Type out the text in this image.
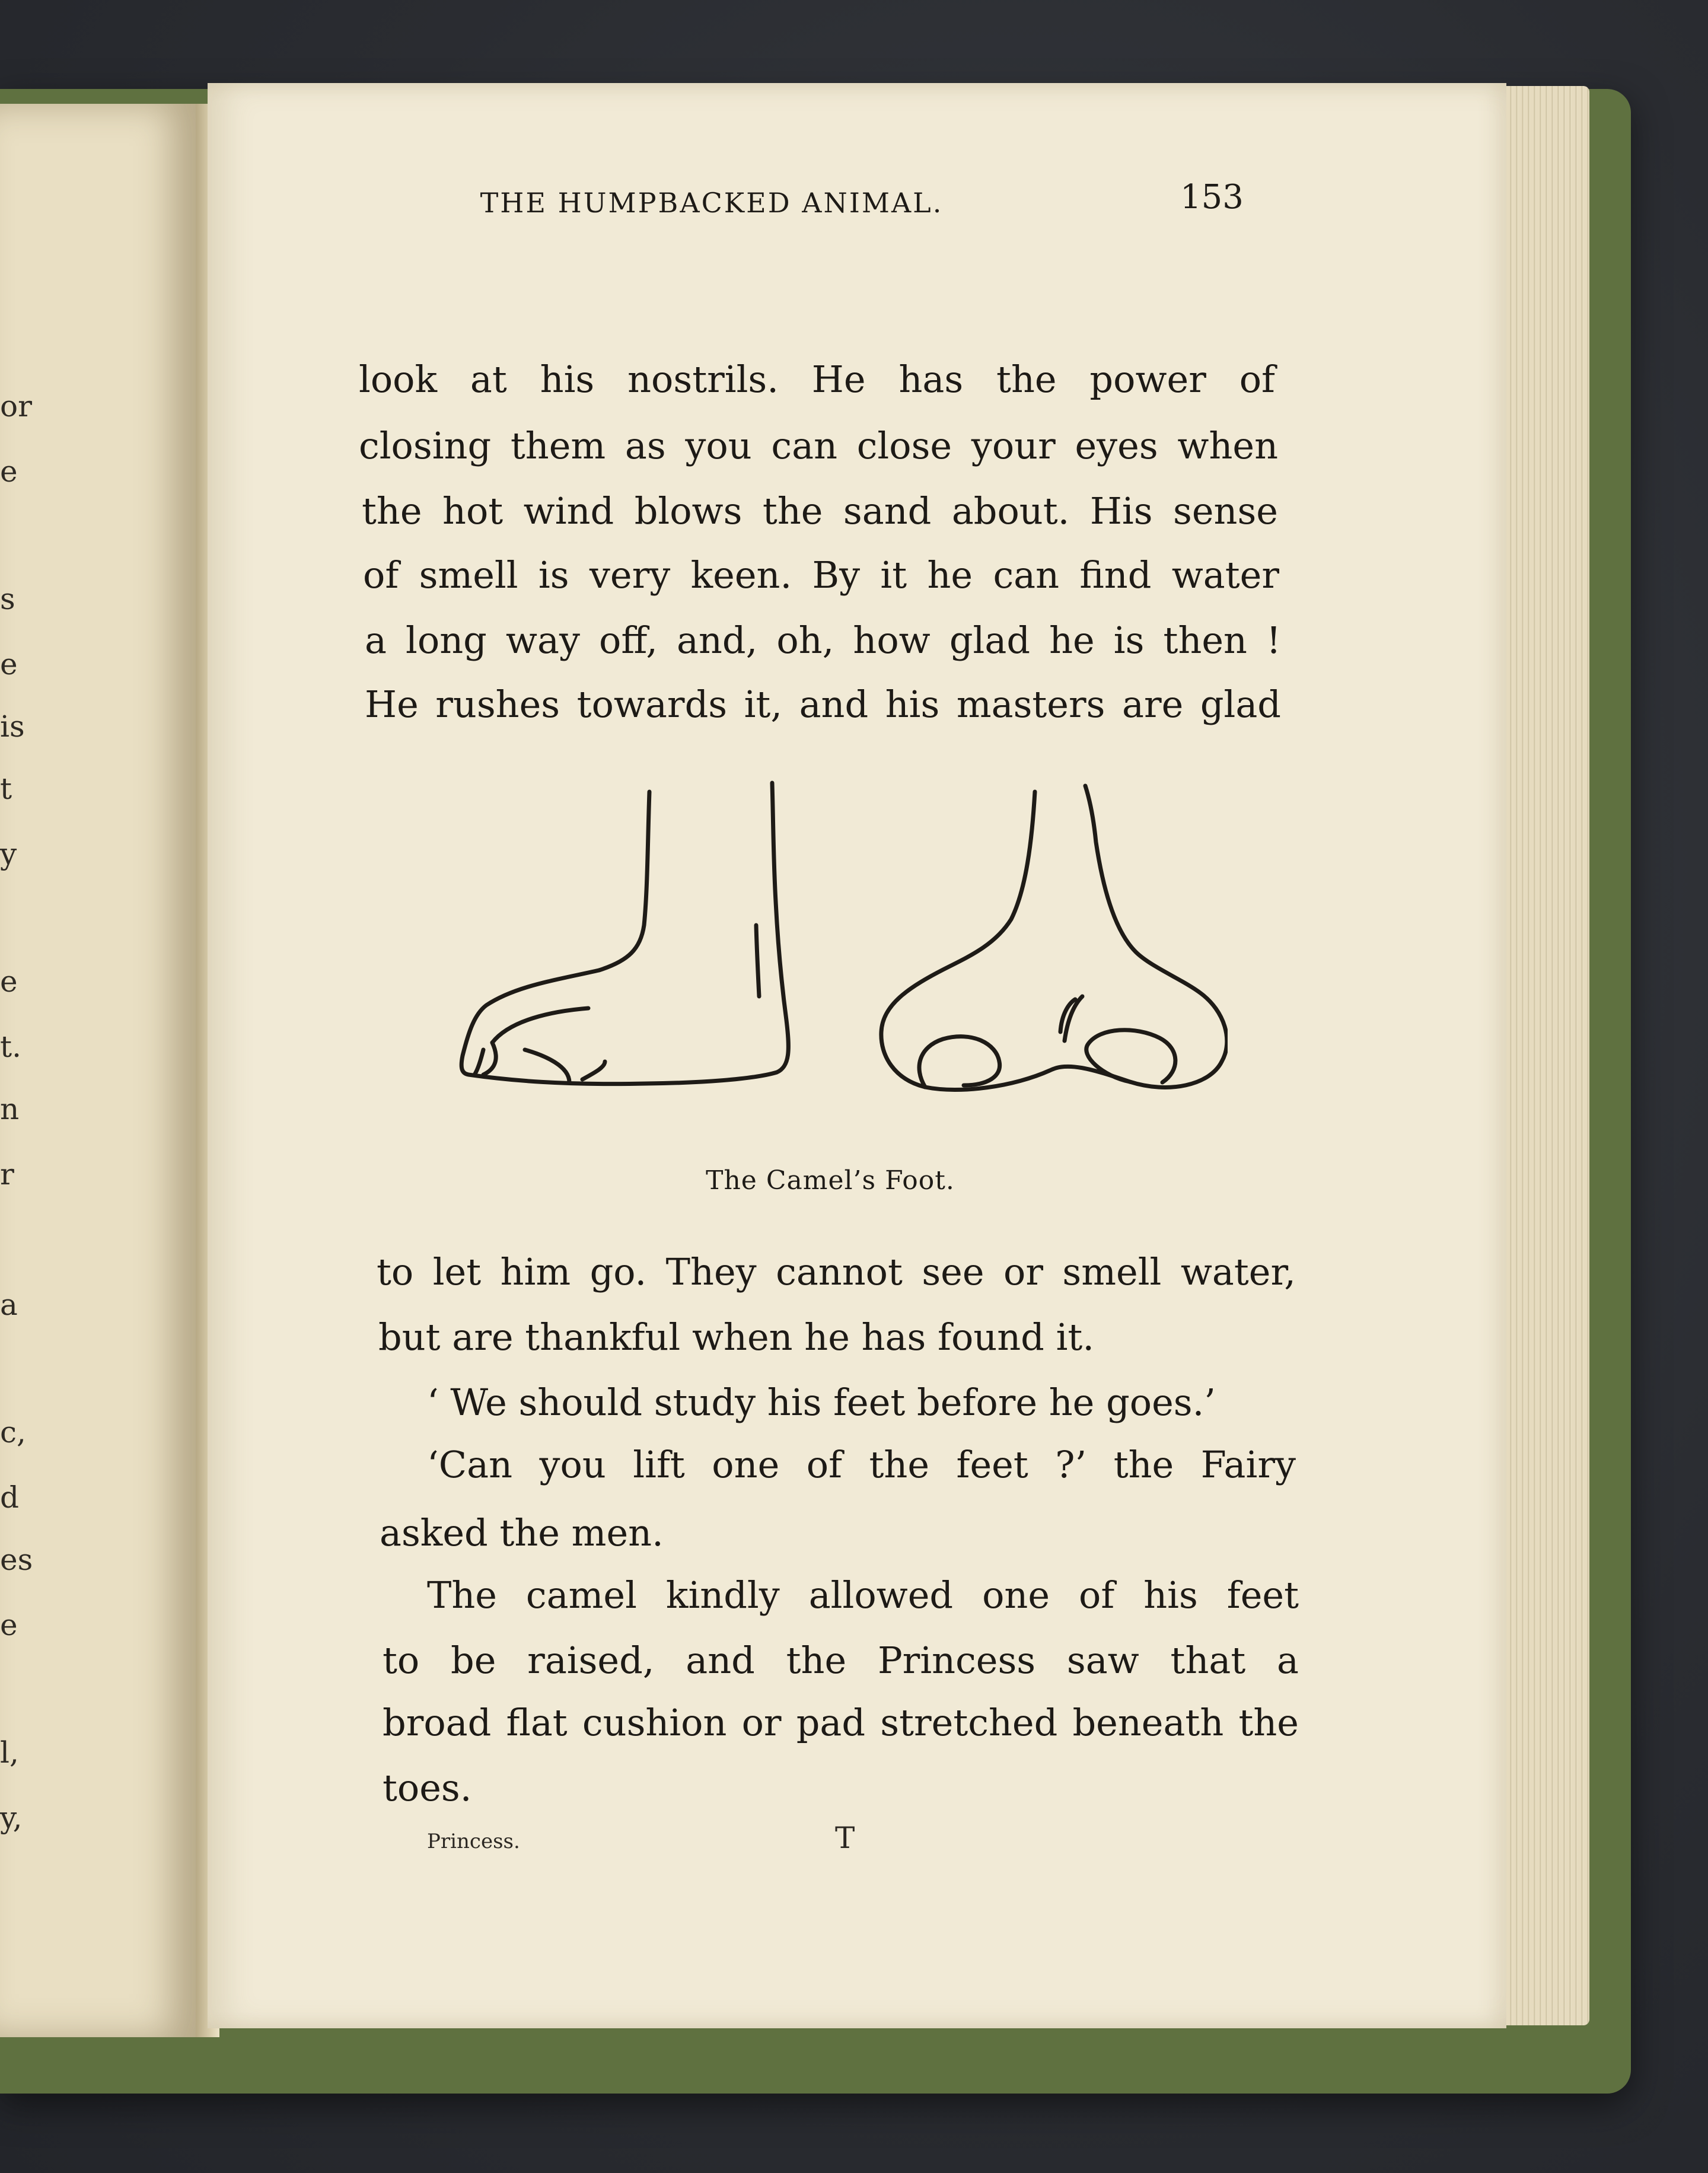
or
e
s
e
is
t
y
e
t.
n
r
a
c,
d
es
e
l,
y,
THE HUMPBACKED ANIMAL.	153
look at his nostrils. He has the power of
closing them as you can close your eyes when
the hot wind blows the sand about. His sense
of smell is very keen. By it he can find water
a long way off, and, oh, how glad he is then !
He rushes towards it, and his masters are glad
The Camel’s Foot.
to let him go. They cannot see or smell water,
but are thankful when he has found it.
‘ We should study his feet before he goes.’
‘Can you lift one of the feet ?’ the Fairy
asked the men.
The camel kindly allowed one of his feet
to be raised, and the Princess saw that a
broad flat cushion or pad stretched beneath the
toes.
Princess.	T
